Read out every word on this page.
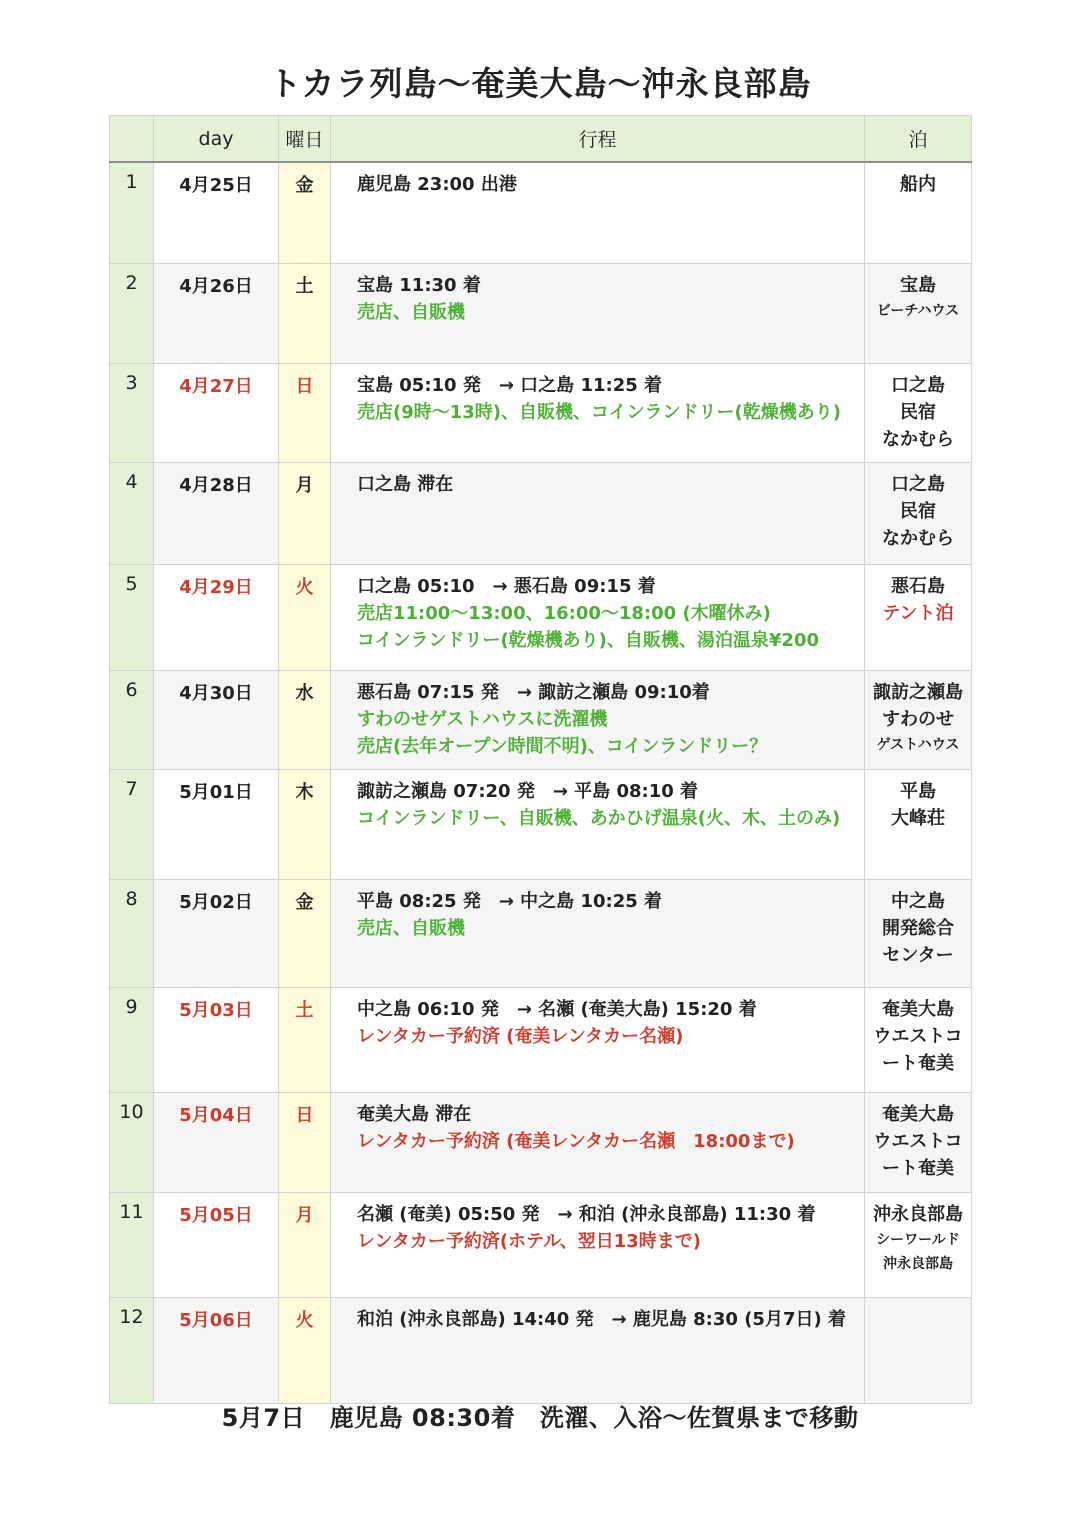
トカラ列島〜奄美大島〜沖永良部島
	day	曜日	行程	泊
1	4月25日	金	鹿児島 23:00 出港	船内

2	4月26日	土	宝島 11:30 着
売店、自販機	宝島
ビーチハウス

3	4月27日	日	宝島 05:10 発　→ 口之島 11:25 着
売店(9時〜13時)、自販機、コインランドリー(乾燥機あり)	口之島
民宿
なかむら

4	4月28日	月	口之島 滞在	口之島
民宿
なかむら

5	4月29日	火	口之島 05:10　→ 悪石島 09:15 着
売店11:00〜13:00、16:00〜18:00 (木曜休み)
コインランドリー(乾燥機あり)、自販機、湯泊温泉¥200	悪石島
テント泊

6	4月30日	水	悪石島 07:15 発　→ 諏訪之瀬島 09:10着
すわのせゲストハウスに洗濯機
売店(去年オープン時間不明)、コインランドリー？	諏訪之瀬島
すわのせ
ゲストハウス

7	5月01日	木	諏訪之瀬島 07:20 発　→ 平島 08:10 着
コインランドリー、自販機、あかひげ温泉(火、木、土のみ)	平島
大峰荘

8	5月02日	金	平島 08:25 発　→ 中之島 10:25 着
売店、自販機	中之島
開発総合
センター

9	5月03日	土	中之島 06:10 発　→ 名瀬 (奄美大島) 15:20 着
レンタカー予約済 (奄美レンタカー名瀬)	奄美大島
ウエストコ
ート奄美

10	5月04日	日	奄美大島 滞在
レンタカー予約済 (奄美レンタカー名瀬　18:00まで)	奄美大島
ウエストコ
ート奄美

11	5月05日	月	名瀬 (奄美) 05:50 発　→ 和泊 (沖永良部島) 11:30 着
レンタカー予約済(ホテル、翌日13時まで)	沖永良部島
シーワールド
沖永良部島

12	5月06日	火	和泊 (沖永良部島) 14:40 発　→ 鹿児島 8:30 (5月7日) 着	

5月7日　鹿児島 08:30着　洗濯、入浴〜佐賀県まで移動
